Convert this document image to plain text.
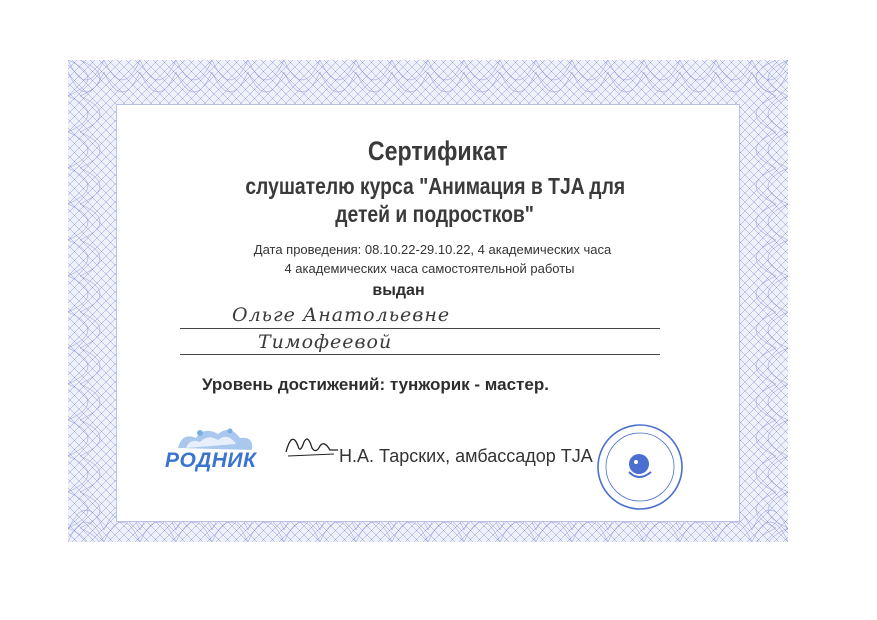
Сертификат
слушателю курса "Анимация в TJA для
детей и подростков"
Дата проведения: 08.10.22-29.10.22, 4 академических часа
4 академических часа самостоятельной работы
выдан
Ольге Анатольевне
Тимофеевой
Уровень достижений: тунжорик - мастер.
РОДНИК	Н.А. Тарских, амбассадор TJA
